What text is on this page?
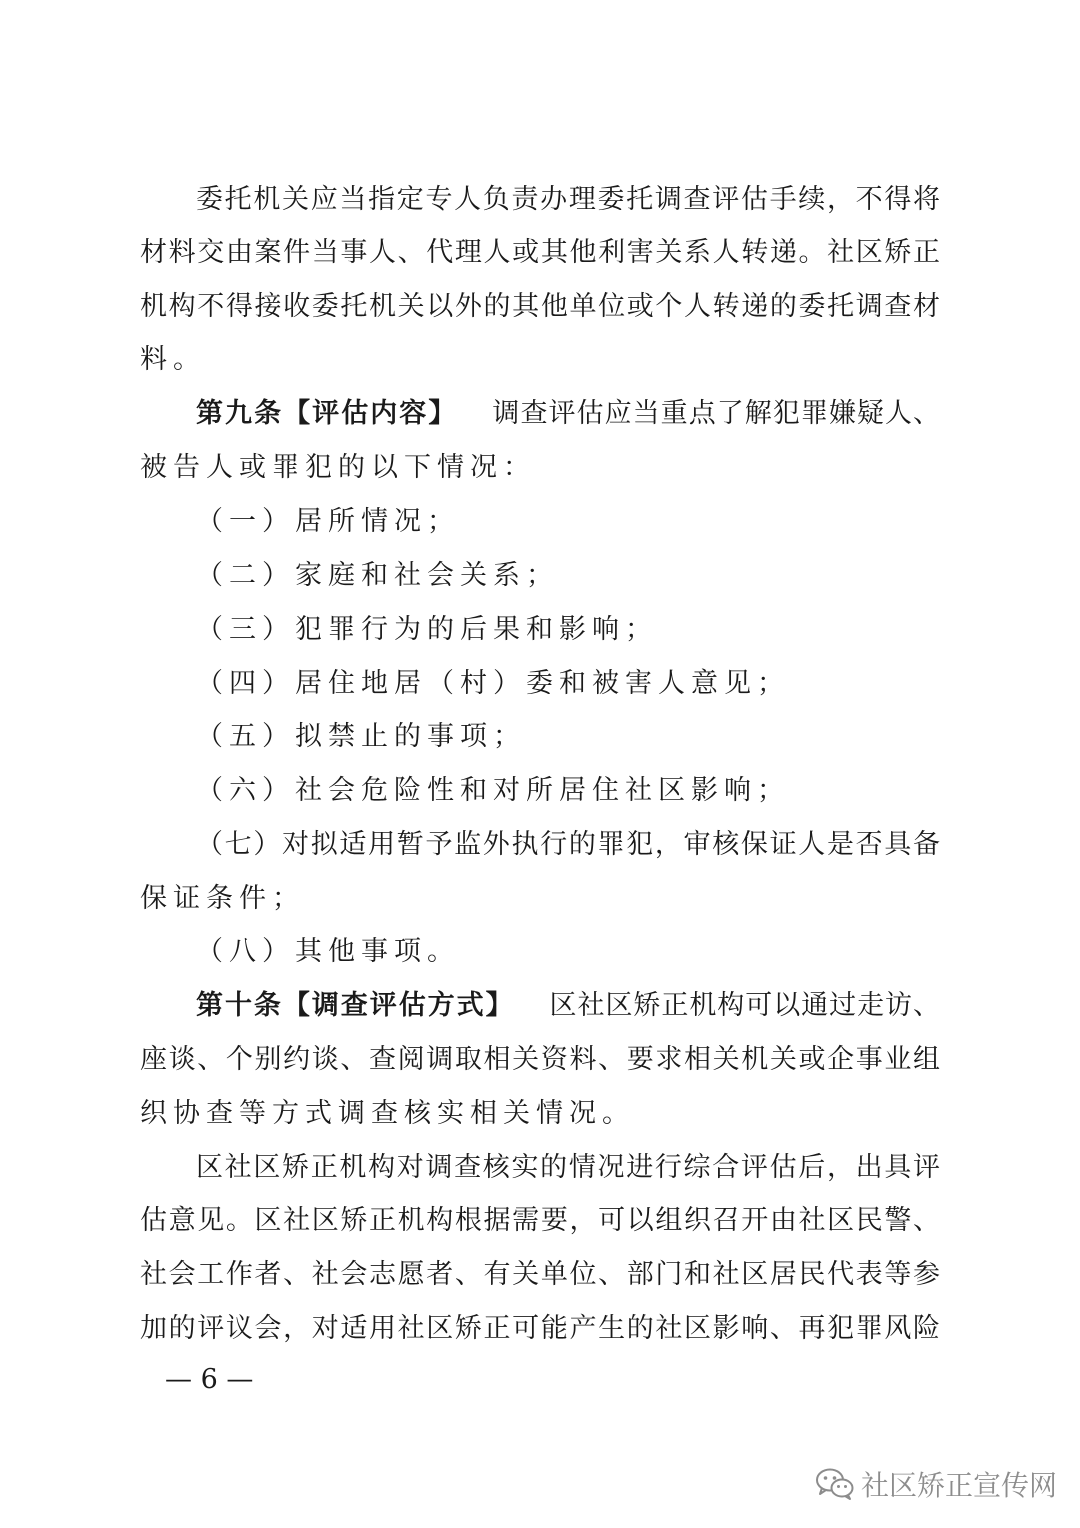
委托机关应当指定专人负责办理委托调查评估手续，不得将
材料交由案件当事人、代理人或其他利害关系人转递。社区矫正
机构不得接收委托机关以外的其他单位或个人转递的委托调查材
料。
第九条【评估内容】 调查评估应当重点了解犯罪嫌疑人、
被告人或罪犯的以下情况：
（一）居所情况；
（二）家庭和社会关系；
（三）犯罪行为的后果和影响；
（四）居住地居（村）委和被害人意见；
（五）拟禁止的事项；
（六）社会危险性和对所居住社区影响；
（七）对拟适用暂予监外执行的罪犯，审核保证人是否具备
保证条件；
（八）其他事项。
第十条【调查评估方式】 区社区矫正机构可以通过走访、
座谈、个别约谈、查阅调取相关资料、要求相关机关或企事业组
织协查等方式调查核实相关情况。
区社区矫正机构对调查核实的情况进行综合评估后，出具评
估意见。区社区矫正机构根据需要，可以组织召开由社区民警、
社会工作者、社会志愿者、有关单位、部门和社区居民代表等参
加的评议会，对适用社区矫正可能产生的社区影响、再犯罪风险
— 6 —
社区矫正宣传网
